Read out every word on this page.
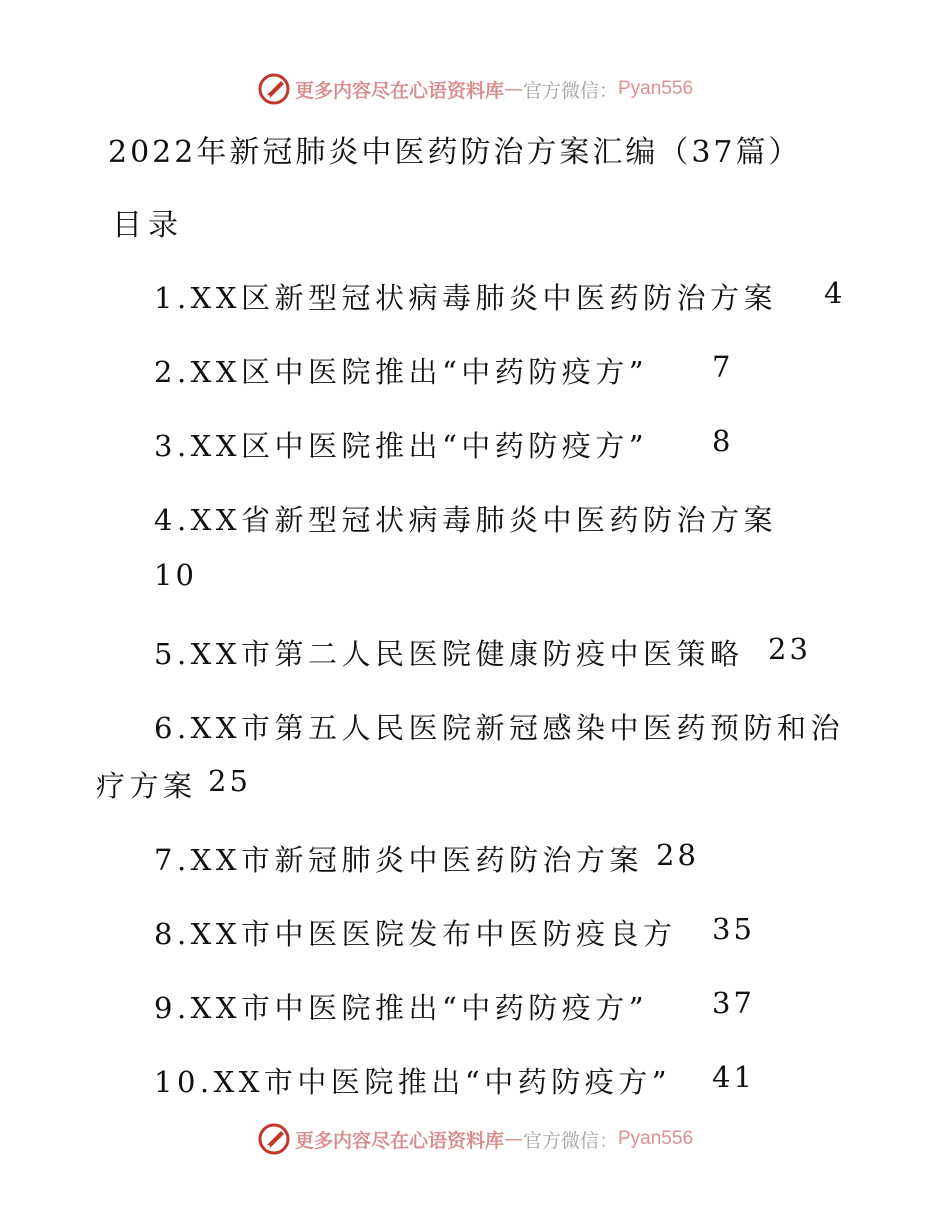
更多内容尽在心语资料库 — 官方微信： Pyan556
2022年新冠肺炎中医药防治方案汇编（37篇）
目录
1.XX区新型冠状病毒肺炎中医药防治方案 4
2.XX区中医院推出“中药防疫方” 7
3.XX区中医院推出“中药防疫方” 8
4.XX省新型冠状病毒肺炎中医药防治方案
10
5.XX市第二人民医院健康防疫中医策略 23
6.XX市第五人民医院新冠感染中医药预防和治
疗方案 25
7.XX市新冠肺炎中医药防治方案 28
8.XX市中医医院发布中医防疫良方 35
9.XX市中医院推出“中药防疫方” 37
10.XX市中医院推出“中药防疫方” 41
更多内容尽在心语资料库 — 官方微信： Pyan556
